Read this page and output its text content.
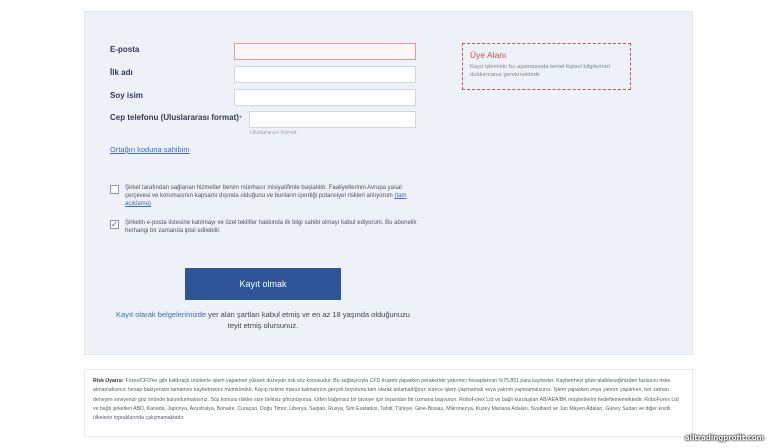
E-posta
İlk adı
Soy isim
Cep telefonu (Uluslararası format) +
Uluslararası format
Ortağın koduna sahibim
Üye Alanı
Kayıt işleminin bu aşamasında temel kişisel bilgilerinizi doldurmanız gerekmektedir
Şirket tarafından sağlanan hizmetler benim münhasır inisiyatifimle başlatıldı. Faaliyetlerinin Avrupa yasal çerçevesi ve korumasının kapsamı dışında olduğunu ve bunların içerdiği potansiyel riskleri anlıyorum (tam açıklama)
✓ Şirketin e-posta listesine katılmayı ve özel teklifler hakkında ilk bilgi sahibi olmayı kabul ediyorum. Bu abonelik herhangi bir zamanda iptal edilebilir.
Kayıt olmak
Kayıt olarak belgelerimizde yer alan şartları kabul etmiş ve en az 18 yaşında olduğunuzu teyit etmiş olursunuz.
Risk Uyarısı: Forex/CFD'ler gibi kaldıraçlı ürünlerle işlem yaparken yüksek düzeyde risk söz konusudur. Bu sağlayıcıyla CFD ticareti yaparken perakende yatırımcı hesaplarının %75,851 para kaybeder. Kaybetmeyi göze alabileceğinizden fazlasını riske atmamalısınız; hesap bakiyenizin tamamını kaybetmeniz mümkündür. Kayıp riskine maruz kalmanızın gerçek boyutunu tam olarak anlamadığınız sürece işlem yapmamalı veya yatırım yapmamalısınız. İşlem yaparken veya yatırım yaparken, her zaman deneyim seviyenizi göz önünde bulundurmalısınız. Söz konusu riskler size belirsiz görünüyorsa, lütfen bağımsız bir tavsiye için dışarıdan bir uzmana başvurun. RoboForex Ltd ve bağlı kuruluşları AB/AEA/BK müşterilerini hedeflememektedir. RoboForex Ltd ve bağlı şirketleri ABD, Kanada, Japonya, Avustralya, Bonaire, Curaçao, Doğu Timor, Liberya, Saipan, Rusya, Sint Eustatius, Tahiti, Türkiye, Gine-Bissau, Mikronezya, Kuzey Mariana Adaları, Svalbard ve Jan Mayen Adaları, Güney Sudan ve diğer kısıtlı ülkelerin topraklarında çalışmamaktadır.
alltradingprofit.com
